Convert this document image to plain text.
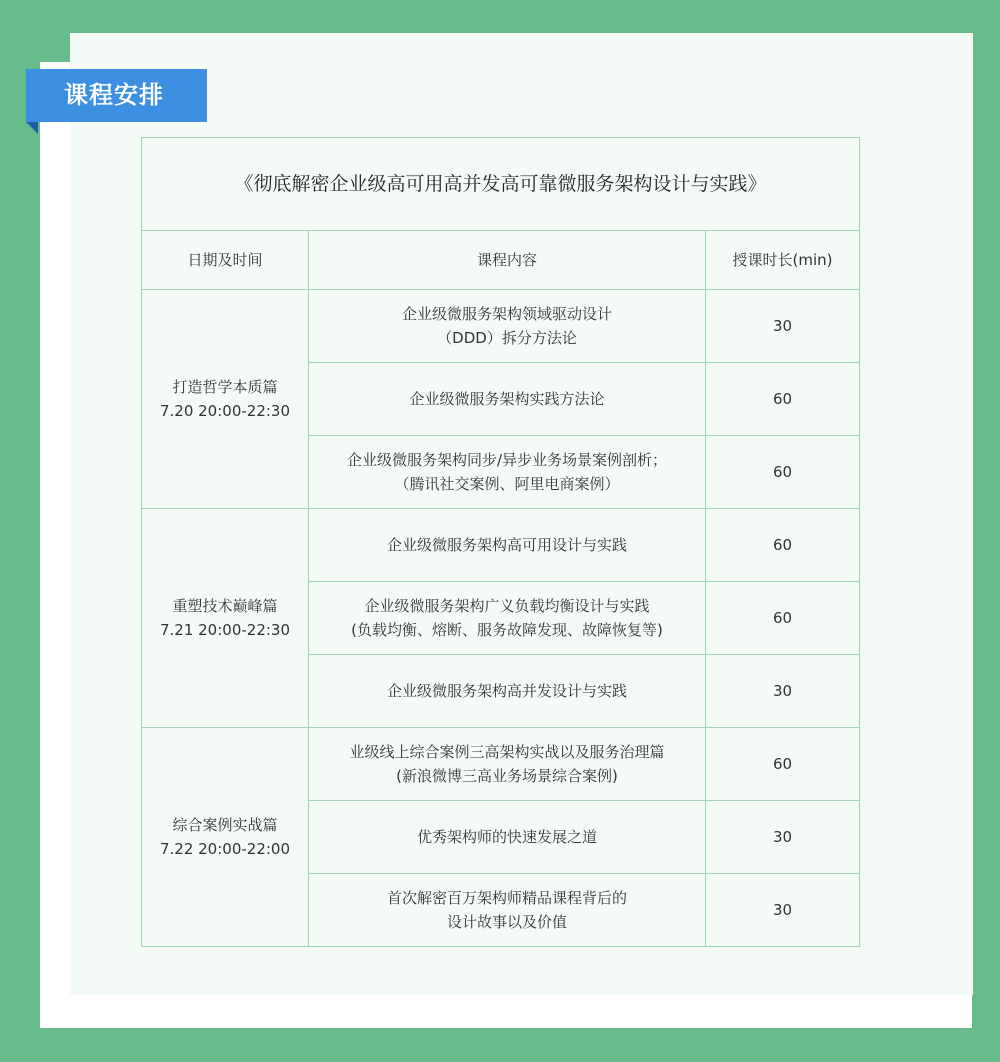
课程安排
《彻底解密企业级高可用高并发高可靠微服务架构设计与实践》		
日期及时间	课程内容	授课时长(min)

打造哲学本质篇
7.20 20:00-22:30	企业级微服务架构领域驱动设计
（DDD）拆分方法论	30

	企业级微服务架构实践方法论	60

	企业级微服务架构同步/异步业务场景案例剖析；
（腾讯社交案例、阿里电商案例）	60

重塑技术巅峰篇
7.21 20:00-22:30	企业级微服务架构高可用设计与实践	60

	企业级微服务架构广义负载均衡设计与实践
(负载均衡、熔断、服务故障发现、故障恢复等)	60

	企业级微服务架构高并发设计与实践	30

综合案例实战篇
7.22 20:00-22:00	业级线上综合案例三高架构实战以及服务治理篇
(新浪微博三高业务场景综合案例)	60

	优秀架构师的快速发展之道	30

	首次解密百万架构师精品课程背后的
设计故事以及价值	30
